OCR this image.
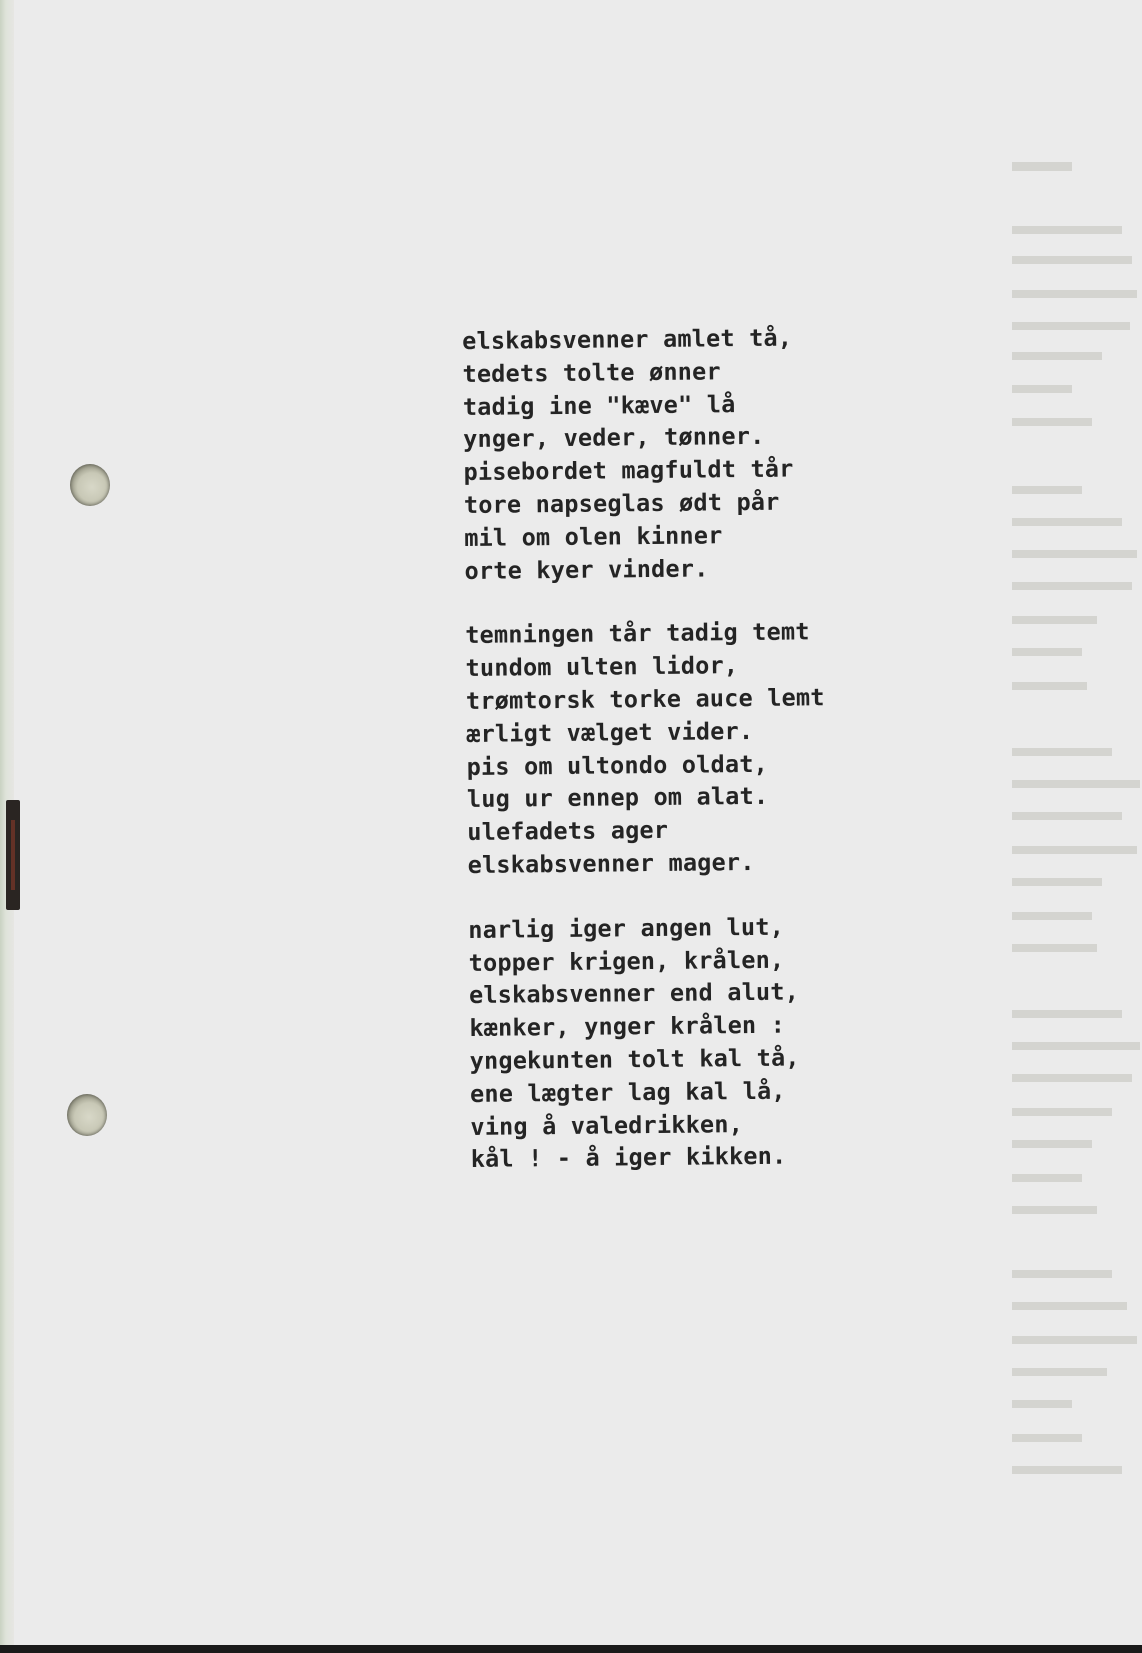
elskabsvenner amlet tå,
tedets tolte ønner
tadig ine "kæve" lå
ynger, veder, tønner.
pisebordet magfuldt tår
tore napseglas ødt pår
mil om olen kinner
orte kyer vinder.
temningen tår tadig temt
tundom ulten lidor,
trømtorsk torke auce lemt
ærligt vælget vider.
pis om ultondo oldat,
lug ur ennep om alat.
ulefadets ager
elskabsvenner mager.
narlig iger angen lut,
topper krigen, krålen,
elskabsvenner end alut,
kænker, ynger krålen :
yngekunten tolt kal tå,
ene lægter lag kal lå,
ving å valedrikken,
kål ! - å iger kikken.
